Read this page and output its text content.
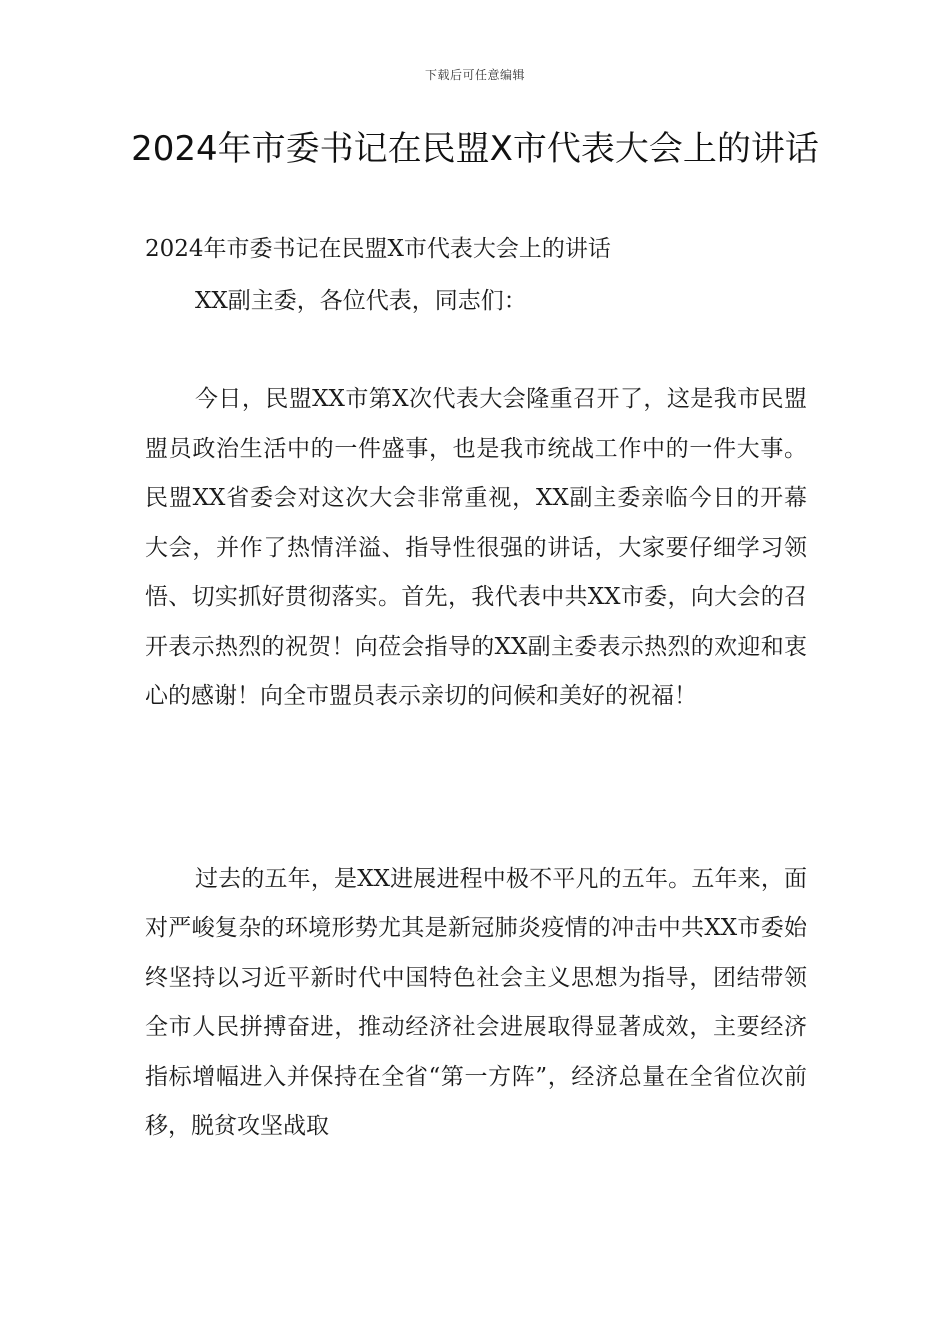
下载后可任意编辑
2024年市委书记在民盟X市代表大会上的讲话

2024年市委书记在民盟X市代表大会上的讲话

XX副主委，各位代表，同志们：

今日，民盟XX市第X次代表大会隆重召开了，这是我市民盟盟员政治生活中的一件盛事，也是我市统战工作中的一件大事。民盟XX省委会对这次大会非常重视，XX副主委亲临今日的开幕大会，并作了热情洋溢、指导性很强的讲话，大家要仔细学习领悟、切实抓好贯彻落实。首先，我代表中共XX市委，向大会的召开表示热烈的祝贺！向莅会指导的XX副主委表示热烈的欢迎和衷心的感谢！向全市盟员表示亲切的问候和美好的祝福！

过去的五年，是XX进展进程中极不平凡的五年。五年来，面对严峻复杂的环境形势尤其是新冠肺炎疫情的冲击中共XX市委始终坚持以习近平新时代中国特色社会主义思想为指导，团结带领全市人民拼搏奋进，推动经济社会进展取得显著成效，主要经济指标增幅进入并保持在全省“第一方阵”，经济总量在全省位次前移，脱贫攻坚战取
